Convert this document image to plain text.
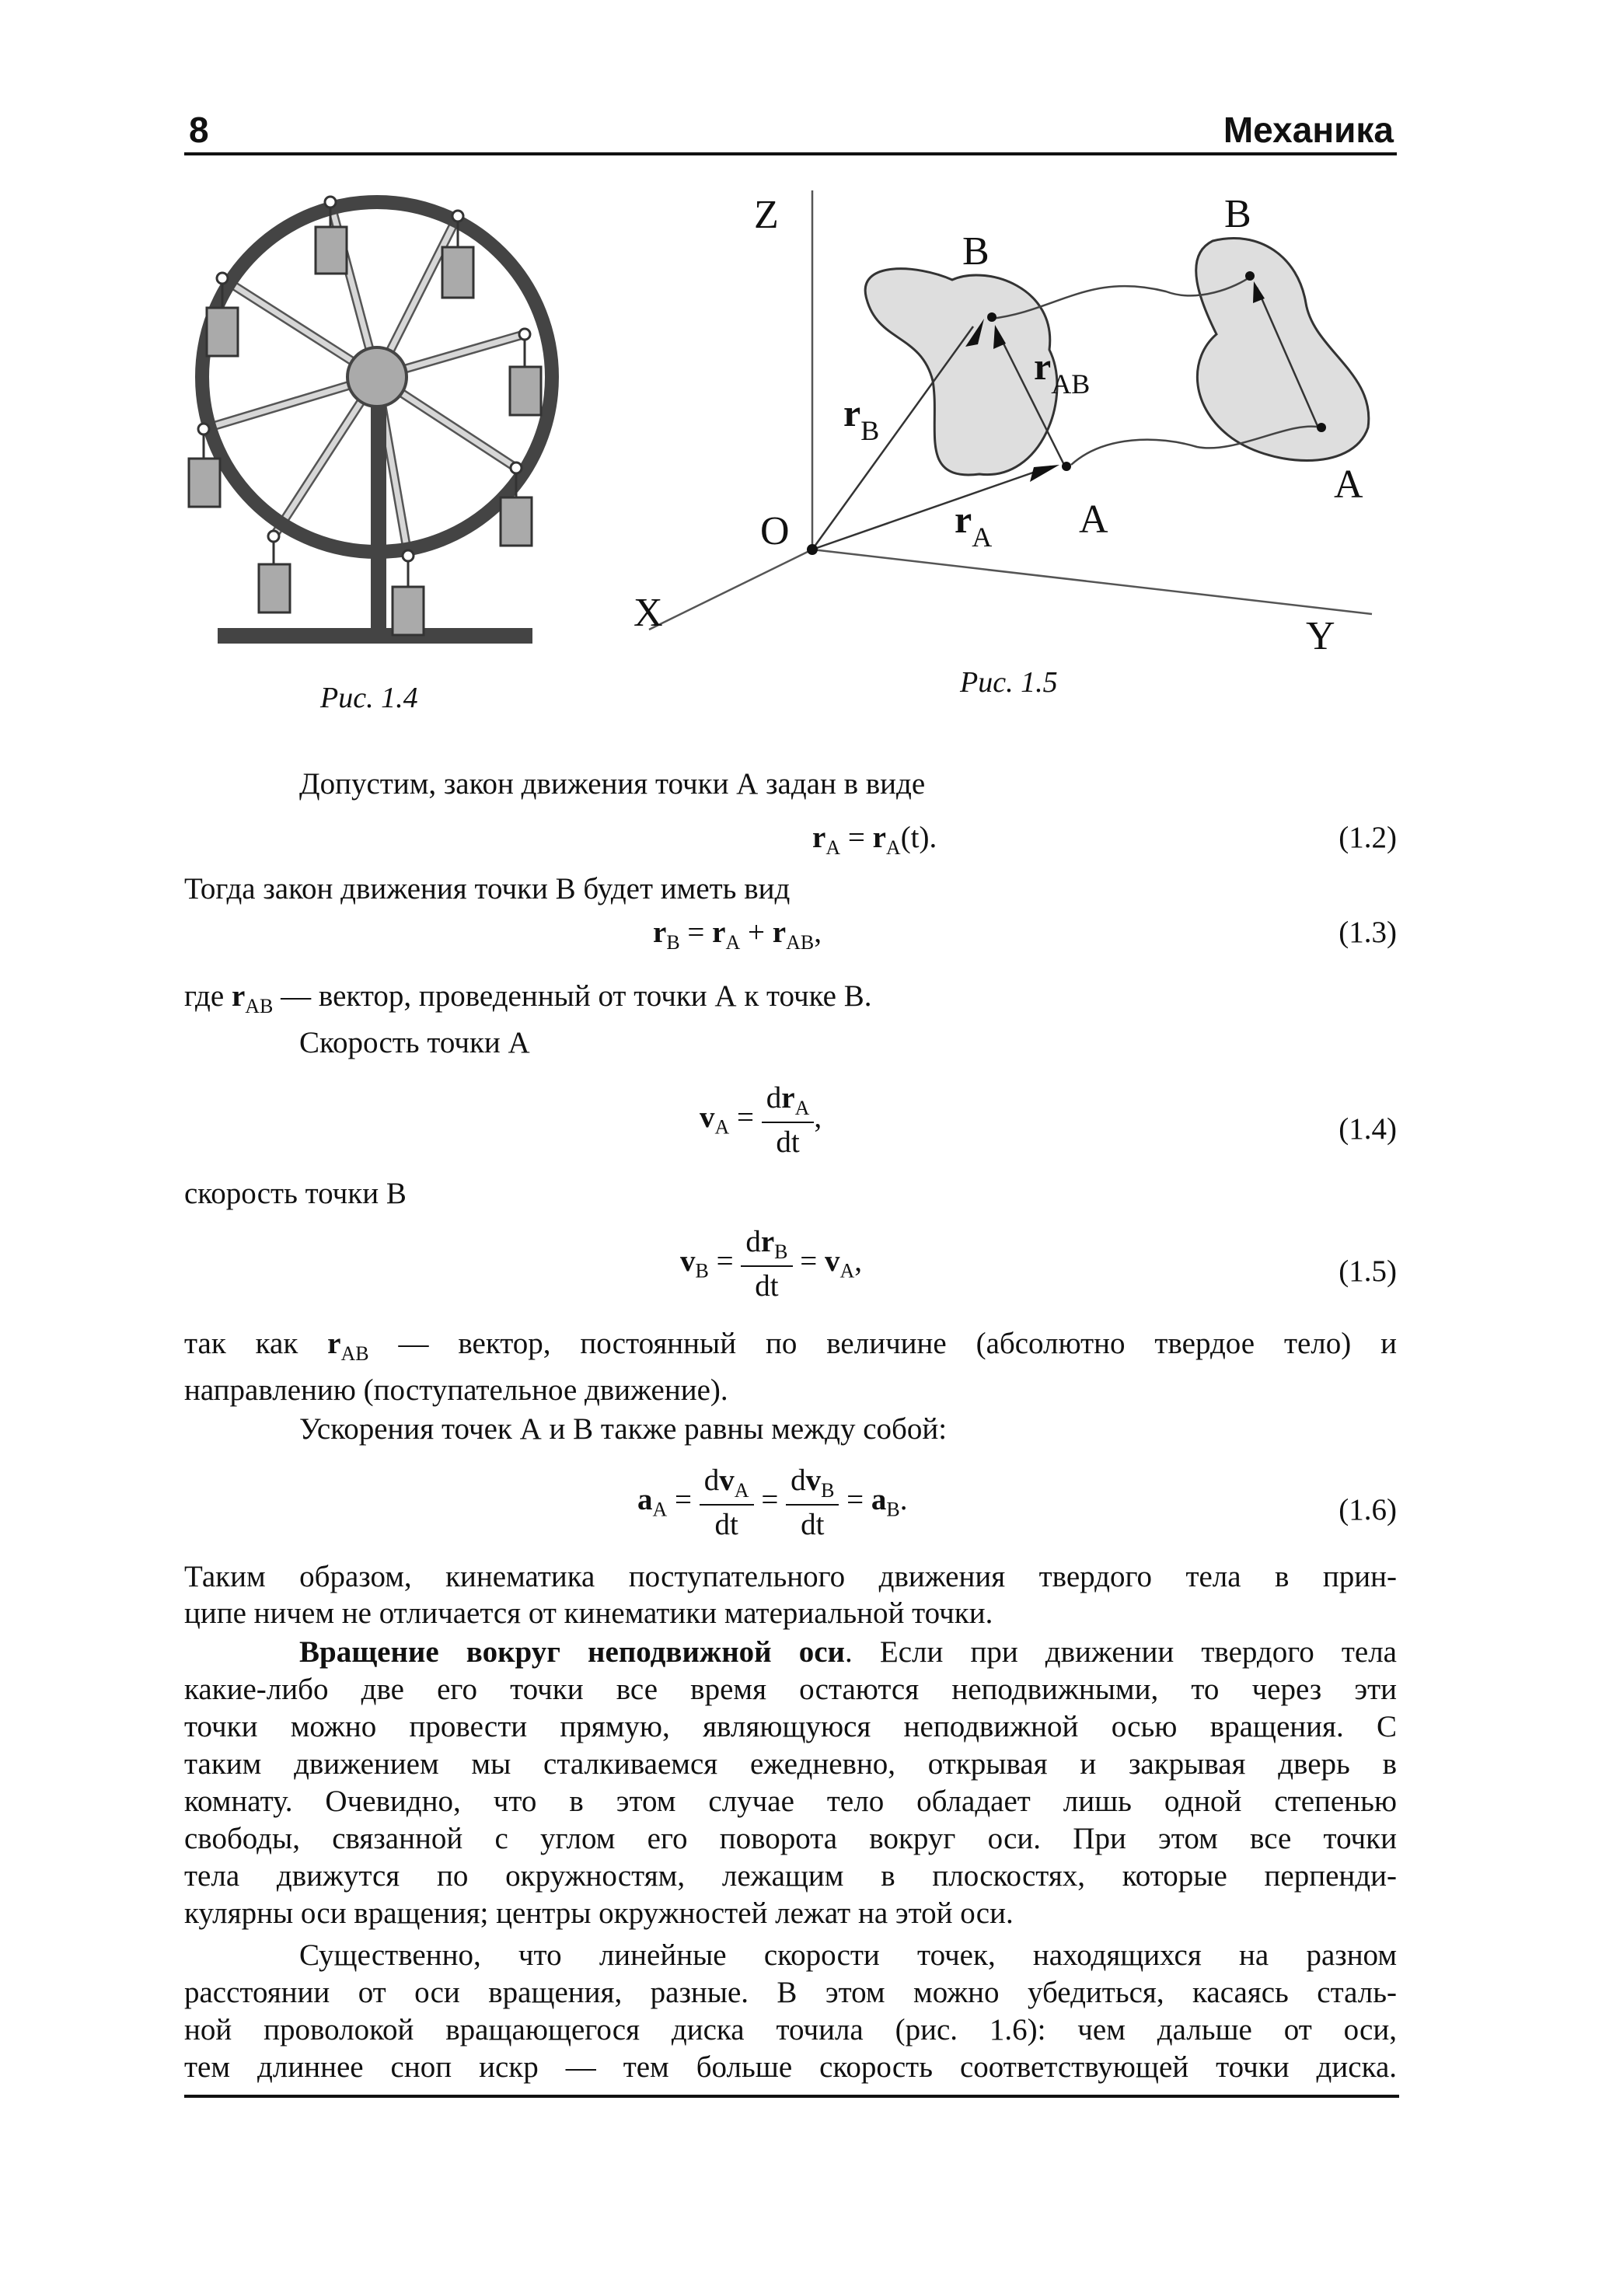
8	Механика
Рис. 1.4
Z
X
Y
O
B
B
A
A
$r_B$
$r_A$
$r_{AB}$
Рис. 1.5
Допустим, закон движения точки А задан в виде
$r_A = r_A(t)$.	(1.2)
Тогда закон движения точки В будет иметь вид
$r_B = r_A + r_{AB}$,	(1.3)
где $r_{AB}$ — вектор, проведенный от точки А к точке В.
Скорость точки А
$v_A = \frac{dr_A}{dt}$ ,	(1.4)
скорость точки В
$v_B = \frac{dr_B}{dt} = v_A$,	(1.5)
так как $r_{AB}$ — вектор, постоянный по величине (абсолютно твердое тело) и
направлению (поступательное движение).
Ускорения точек А и В также равны между собой:
$a_A = \frac{dv_A}{dt} = \frac{dv_B}{dt} = a_B$.	(1.6)
Таким образом, кинематика поступательного движения твердого тела в прин-
ципе ничем не отличается от кинематики материальной точки.
Вращение вокруг неподвижной оси. Если при движении твердого тела
какие-либо две его точки все время остаются неподвижными, то через эти
точки можно провести прямую, являющуюся неподвижной осью вращения. С
таким движением мы сталкиваемся ежедневно, открывая и закрывая дверь в
комнату. Очевидно, что в этом случае тело обладает лишь одной степенью
свободы, связанной с углом его поворота вокруг оси. При этом все точки
тела движутся по окружностям, лежащим в плоскостях, которые перпенди-
кулярны оси вращения; центры окружностей лежат на этой оси.
Существенно, что линейные скорости точек, находящихся на разном
расстоянии от оси вращения, разные. В этом можно убедиться, касаясь сталь-
ной проволокой вращающегося диска точила (рис. 1.6): чем дальше от оси,
тем длиннее сноп искр — тем больше скорость соответствующей точки диска.
